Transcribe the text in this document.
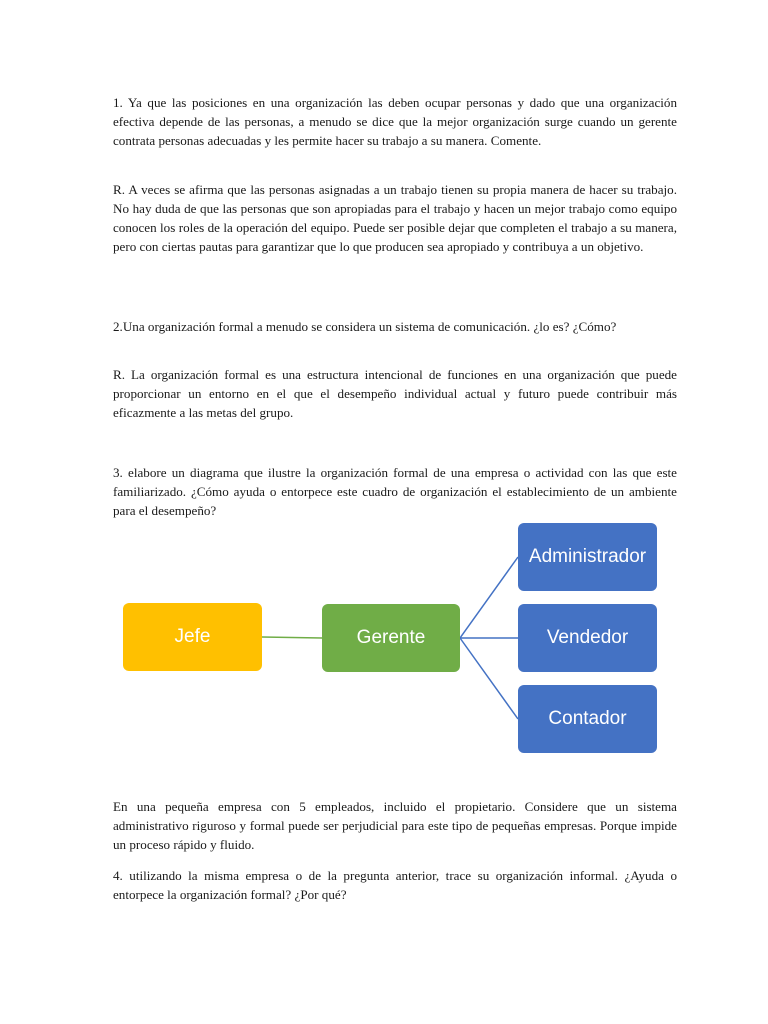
1. Ya que las posiciones en una organización las deben ocupar personas y dado que una organización efectiva depende de las personas, a menudo se dice que la mejor organización surge cuando un gerente contrata personas adecuadas y les permite hacer su trabajo a su manera. Comente.

R. A veces se afirma que las personas asignadas a un trabajo tienen su propia manera de hacer su trabajo. No hay duda de que las personas que son apropiadas para el trabajo y hacen un mejor trabajo como equipo conocen los roles de la operación del equipo. Puede ser posible dejar que completen el trabajo a su manera, pero con ciertas pautas para garantizar que lo que producen sea apropiado y contribuya a un objetivo.

2.Una organización formal a menudo se considera un sistema de comunicación. ¿lo es? ¿Cómo?

R. La organización formal es una estructura intencional de funciones en una organización que puede proporcionar un entorno en el que el desempeño individual actual y futuro puede contribuir más eficazmente a las metas del grupo.

3. elabore un diagrama que ilustre la organización formal de una empresa o actividad con las que este familiarizado. ¿Cómo ayuda o entorpece este cuadro de organización el establecimiento de un ambiente para el desempeño?

Jefe	Gerente
Administrador
Vendedor
Contador

En una pequeña empresa con 5 empleados, incluido el propietario. Considere que un sistema administrativo riguroso y formal puede ser perjudicial para este tipo de pequeñas empresas. Porque impide un proceso rápido y fluido.

4. utilizando la misma empresa o de la pregunta anterior, trace su organización informal. ¿Ayuda o entorpece la organización formal? ¿Por qué?
